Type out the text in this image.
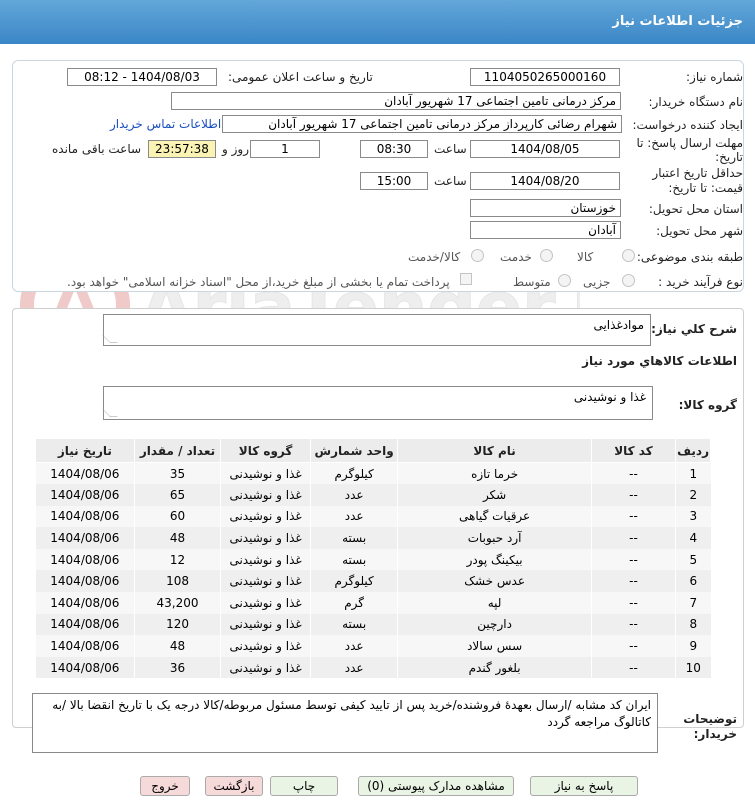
جزئیات اطلاعات نیاز
شماره نیاز:
1104050265000160
تاریخ و ساعت اعلان عمومی:
1404/08/03 - 08:12
نام دستگاه خریدار:
مرکز درمانی تامین اجتماعی 17 شهریور آبادان
ایجاد کننده درخواست:
شهرام رضائی کارپرداز مرکز درمانی تامین اجتماعی 17 شهریور آبادان
اطلاعات تماس خریدار
مهلت ارسال پاسخ: تا
تاریخ:
1404/08/05
ساعت
08:30
1
روز و
23:57:38
ساعت باقی مانده
حداقل تاریخ اعتبار
قیمت: تا تاریخ:
1404/08/20
ساعت
15:00
استان محل تحویل:
خوزستان
شهر محل تحویل:
آبادان
طبقه بندی موضوعی:
کالا
خدمت
کالا/خدمت
نوع فرآیند خرید :
جزیی
متوسط
پرداخت تمام یا بخشی از مبلغ خرید،از محل "اسناد خزانه اسلامی" خواهد بود.
شرح کلي نياز:
موادغذایی
اطلاعات کالاهاي مورد نياز
گروه کالا:
غذا و نوشیدنی
ردیف	کد کالا	نام کالا	واحد شمارش	گروه کالا	تعداد / مقدار	تاریخ نیاز
1	--	خرما تازه	کیلوگرم	غذا و نوشیدنی	35	1404/08/06
2	--	شکر	عدد	غذا و نوشیدنی	65	1404/08/06
3	--	عرقیات گیاهی	عدد	غذا و نوشیدنی	60	1404/08/06
4	--	آرد حبوبات	بسته	غذا و نوشیدنی	48	1404/08/06
5	--	بیکینگ پودر	بسته	غذا و نوشیدنی	12	1404/08/06
6	--	عدس خشک	کیلوگرم	غذا و نوشیدنی	108	1404/08/06
7	--	لپه	گرم	غذا و نوشیدنی	43,200	1404/08/06
8	--	دارچین	بسته	غذا و نوشیدنی	120	1404/08/06
9	--	سس سالاد	عدد	غذا و نوشیدنی	48	1404/08/06
10	--	بلغور گندم	عدد	غذا و نوشیدنی	36	1404/08/06
توضیحات
خریدار:
ایران کد مشابه /ارسال بعهدهٔ فروشنده/خرید پس از تایید کیفی توسط مسئول مربوطه/کالا درجه یک با تاریخ انقضا بالا /به کاتالوگ مراجعه گردد
پاسخ به نیاز
مشاهده مدارک پیوستی (0)
چاپ
بازگشت
خروج
